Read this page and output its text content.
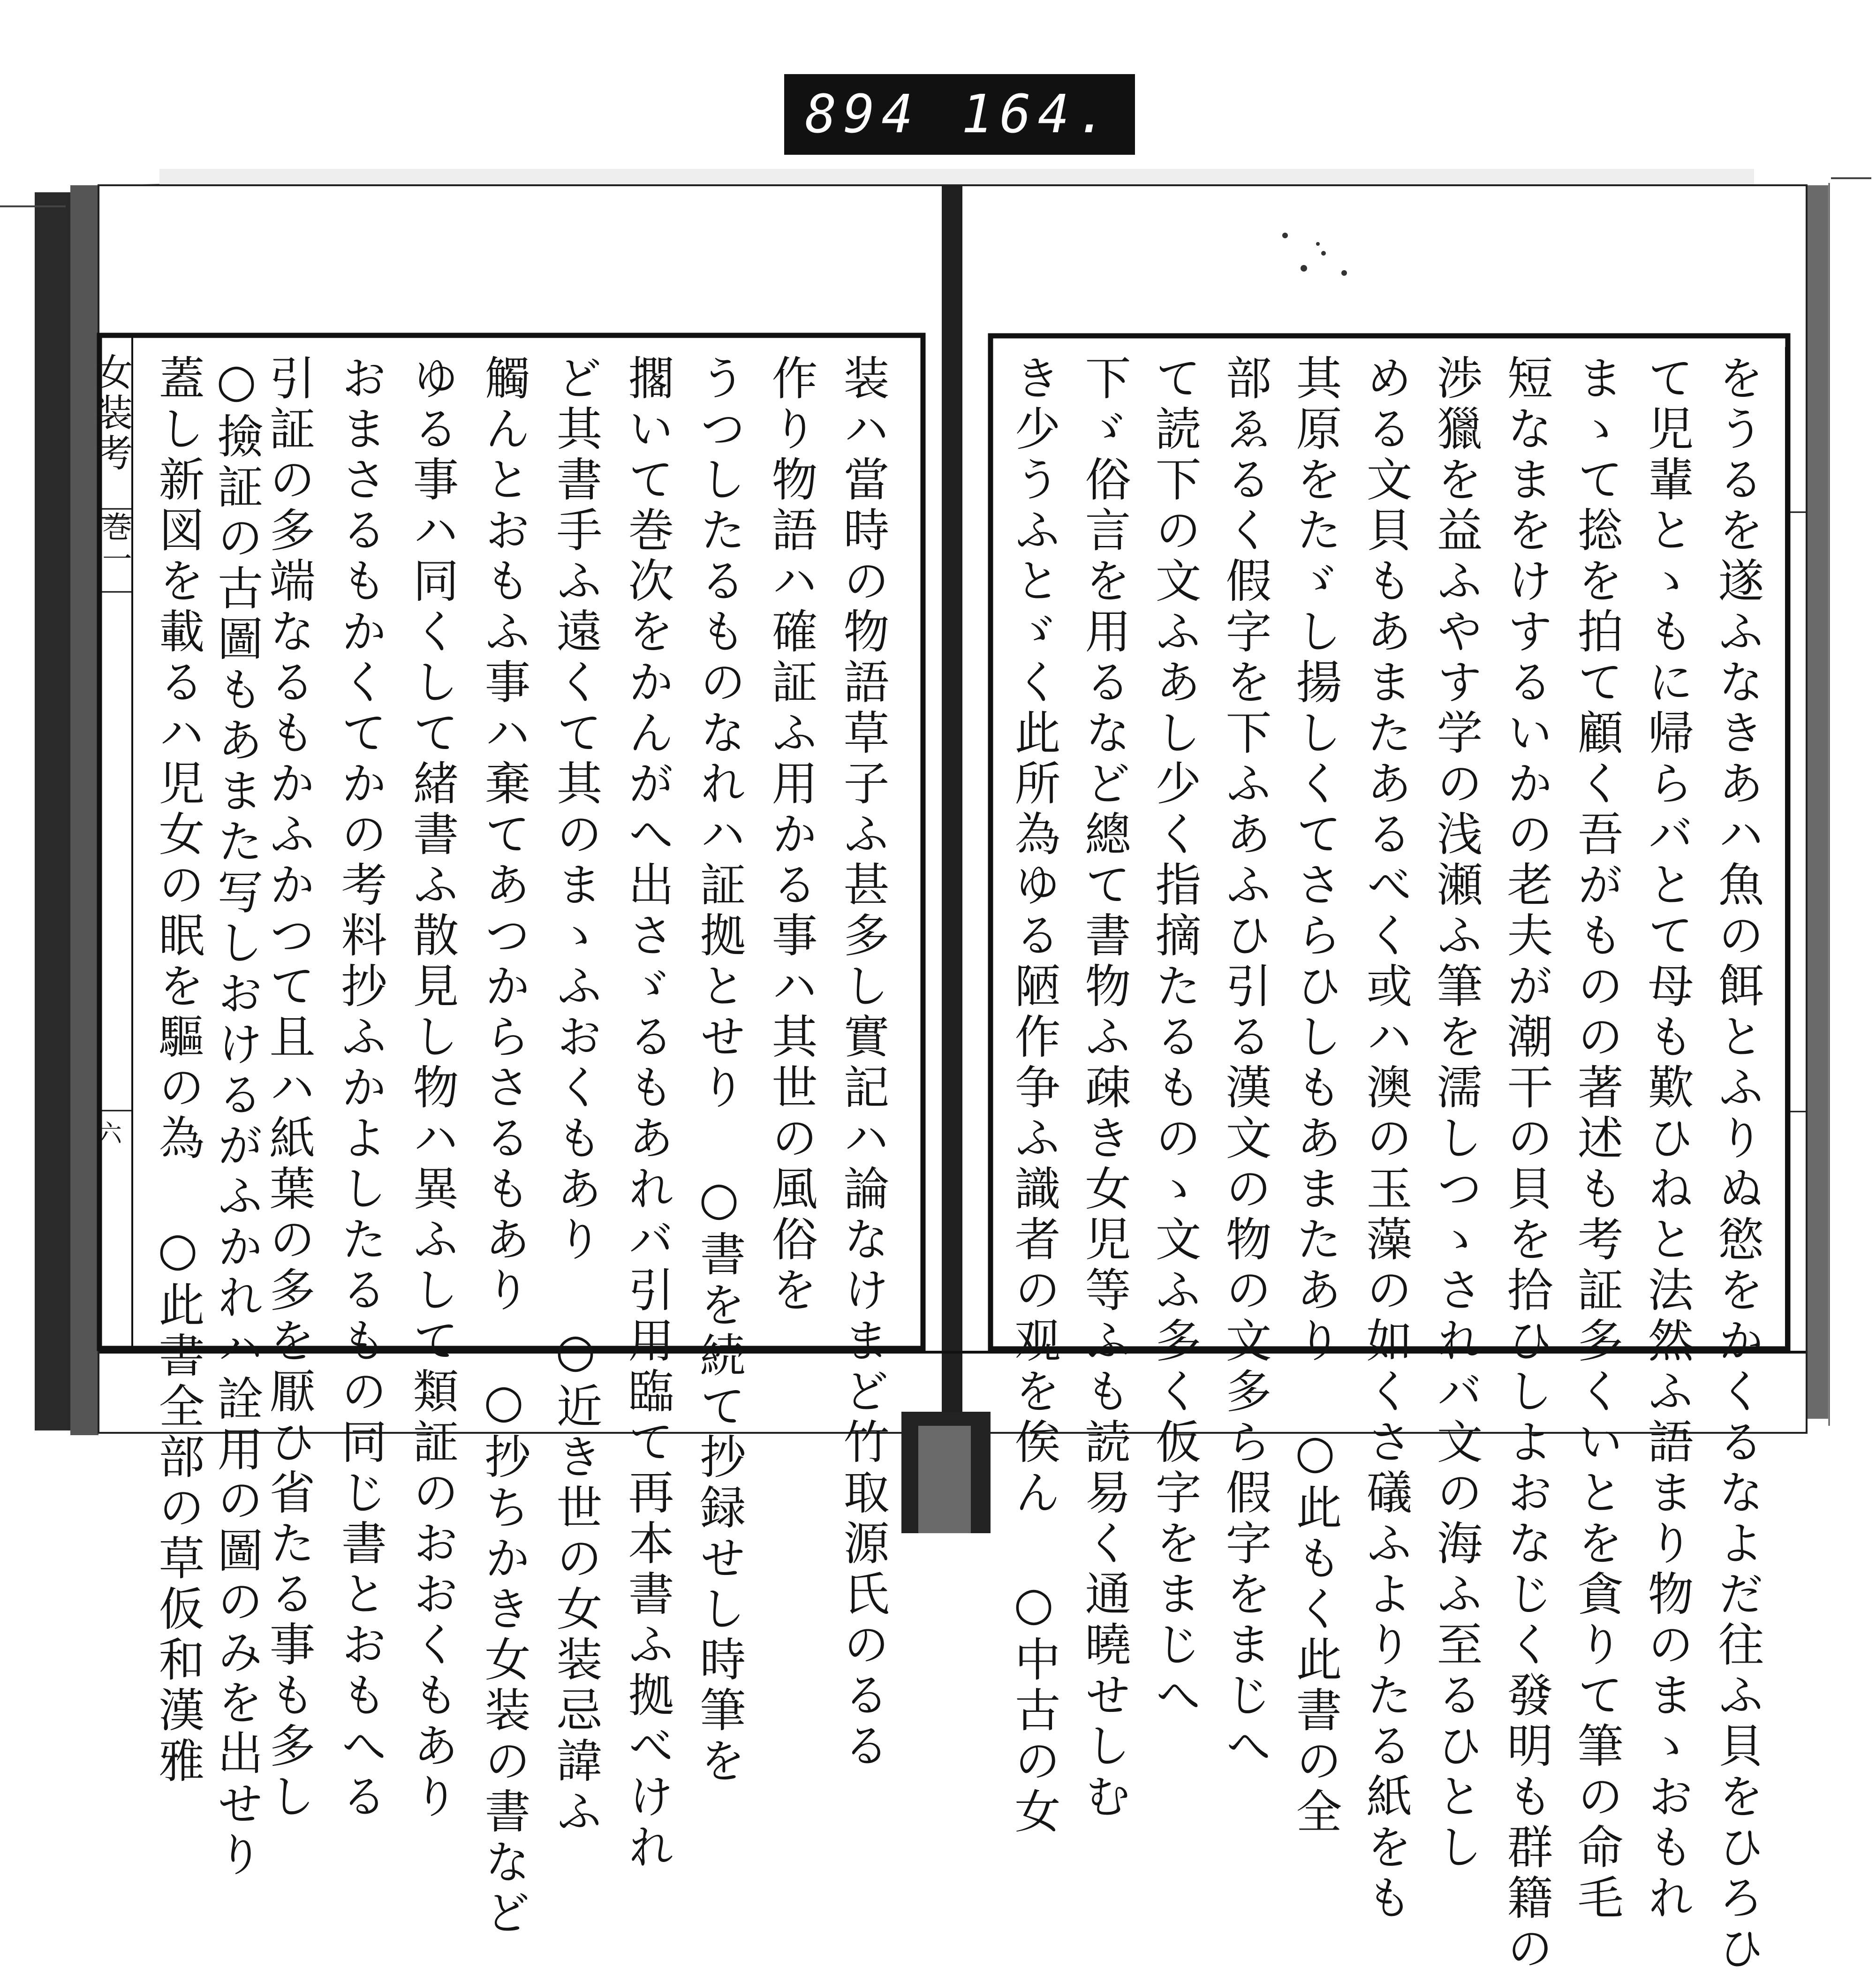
894 164.
女装考
巻一
六	装ハ當時の物語草子ふ甚多し實記ハ論なけまど竹取源氏のるる
作り物語ハ確証ふ用かる事ハ其世の風俗を
うつしたるものなれハ証拠とせり ○書を続て抄録せし時筆を
擱いて巻次をかんがへ出さゞるもあれバ引用臨て再本書ふ拠べけれ
ど其書手ふ遠くて其のまゝふおくもあり ○近き世の女装忌諱ふ
觸んとおもふ事ハ棄てあつからさるもあり ○抄ちかき女装の書など
ゆる事ハ同くして緒書ふ散見し物ハ異ふして類証のおおくもあり
おまさるもかくてかの考料抄ふかよしたるもの同じ書とおもへる
引証の多端なるもかふかつて且ハ紙葉の多を厭ひ省たる事も多し
○撿証の古圖もあまた写しおけるがふかれハ詮用の圖のみを出せり
蓋し新図を載るハ児女の眠を驅の為 ○此書全部の草仮和漢雅	き少うふとゞく此所為ゆる陋作争ふ識者の观を俟ん ○中古の女 下ゞ俗言を用るなど總て書物ふ疎き女児等ふも読易く通曉せしむ て読下の文ふあし少く指摘たるものゝ文ふ多く仮字をまじへ 部ゑるく假字を下ふあふひ引る漢文の物の文多ら假字をまじへ 其原をたゞし揚しくてさらひしもあまたあり ○此もく此書の全 める文貝もあまたあるべく或ハ澳の玉藻の如くさ礒ふよりたる紙をも 渉獵を益ふやす学の浅瀬ふ筆を濡しつゝされバ文の海ふ至るひとし 短なまをけするいかの老夫が潮干の貝を拾ひしよおなじく發明も群籍の まゝて捴を拍て顧く吾がものの著述も考証多くいとを貪りて筆の命毛 て児輩とゝもに帰らバとて母も歎ひねと法然ふ語まり物のまゝおもれ をうるを遂ふなきあハ魚の餌とふりぬ慾をかくるなよだ往ふ貝をひろひ
